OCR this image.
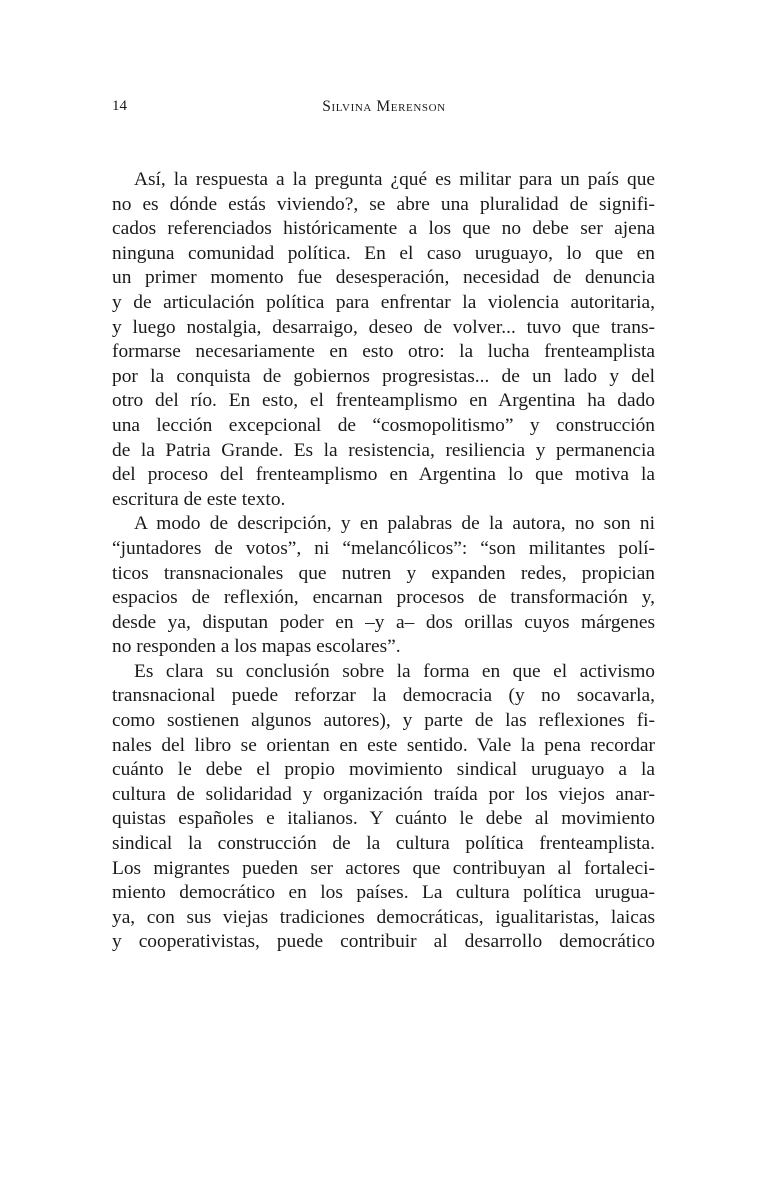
14	Silvina Merenson
Así, la respuesta a la pregunta ¿qué es militar para un país que
no es dónde estás viviendo?, se abre una pluralidad de signifi-
cados referenciados históricamente a los que no debe ser ajena
ninguna comunidad política. En el caso uruguayo, lo que en
un primer momento fue desesperación, necesidad de denuncia
y de articulación política para enfrentar la violencia autoritaria,
y luego nostalgia, desarraigo, deseo de volver... tuvo que trans-
formarse necesariamente en esto otro: la lucha frenteamplista
por la conquista de gobiernos progresistas... de un lado y del
otro del río. En esto, el frenteamplismo en Argentina ha dado
una lección excepcional de “cosmopolitismo” y construcción
de la Patria Grande. Es la resistencia, resiliencia y permanencia
del proceso del frenteamplismo en Argentina lo que motiva la
escritura de este texto.
A modo de descripción, y en palabras de la autora, no son ni
“juntadores de votos”, ni “melancólicos”: “son militantes polí-
ticos transnacionales que nutren y expanden redes, propician
espacios de reflexión, encarnan procesos de transformación y,
desde ya, disputan poder en –y a– dos orillas cuyos márgenes
no responden a los mapas escolares”.
Es clara su conclusión sobre la forma en que el activismo
transnacional puede reforzar la democracia (y no socavarla,
como sostienen algunos autores), y parte de las reflexiones fi-
nales del libro se orientan en este sentido. Vale la pena recordar
cuánto le debe el propio movimiento sindical uruguayo a la
cultura de solidaridad y organización traída por los viejos anar-
quistas españoles e italianos. Y cuánto le debe al movimiento
sindical la construcción de la cultura política frenteamplista.
Los migrantes pueden ser actores que contribuyan al fortaleci-
miento democrático en los países. La cultura política urugua-
ya, con sus viejas tradiciones democráticas, igualitaristas, laicas
y cooperativistas, puede contribuir al desarrollo democrático
